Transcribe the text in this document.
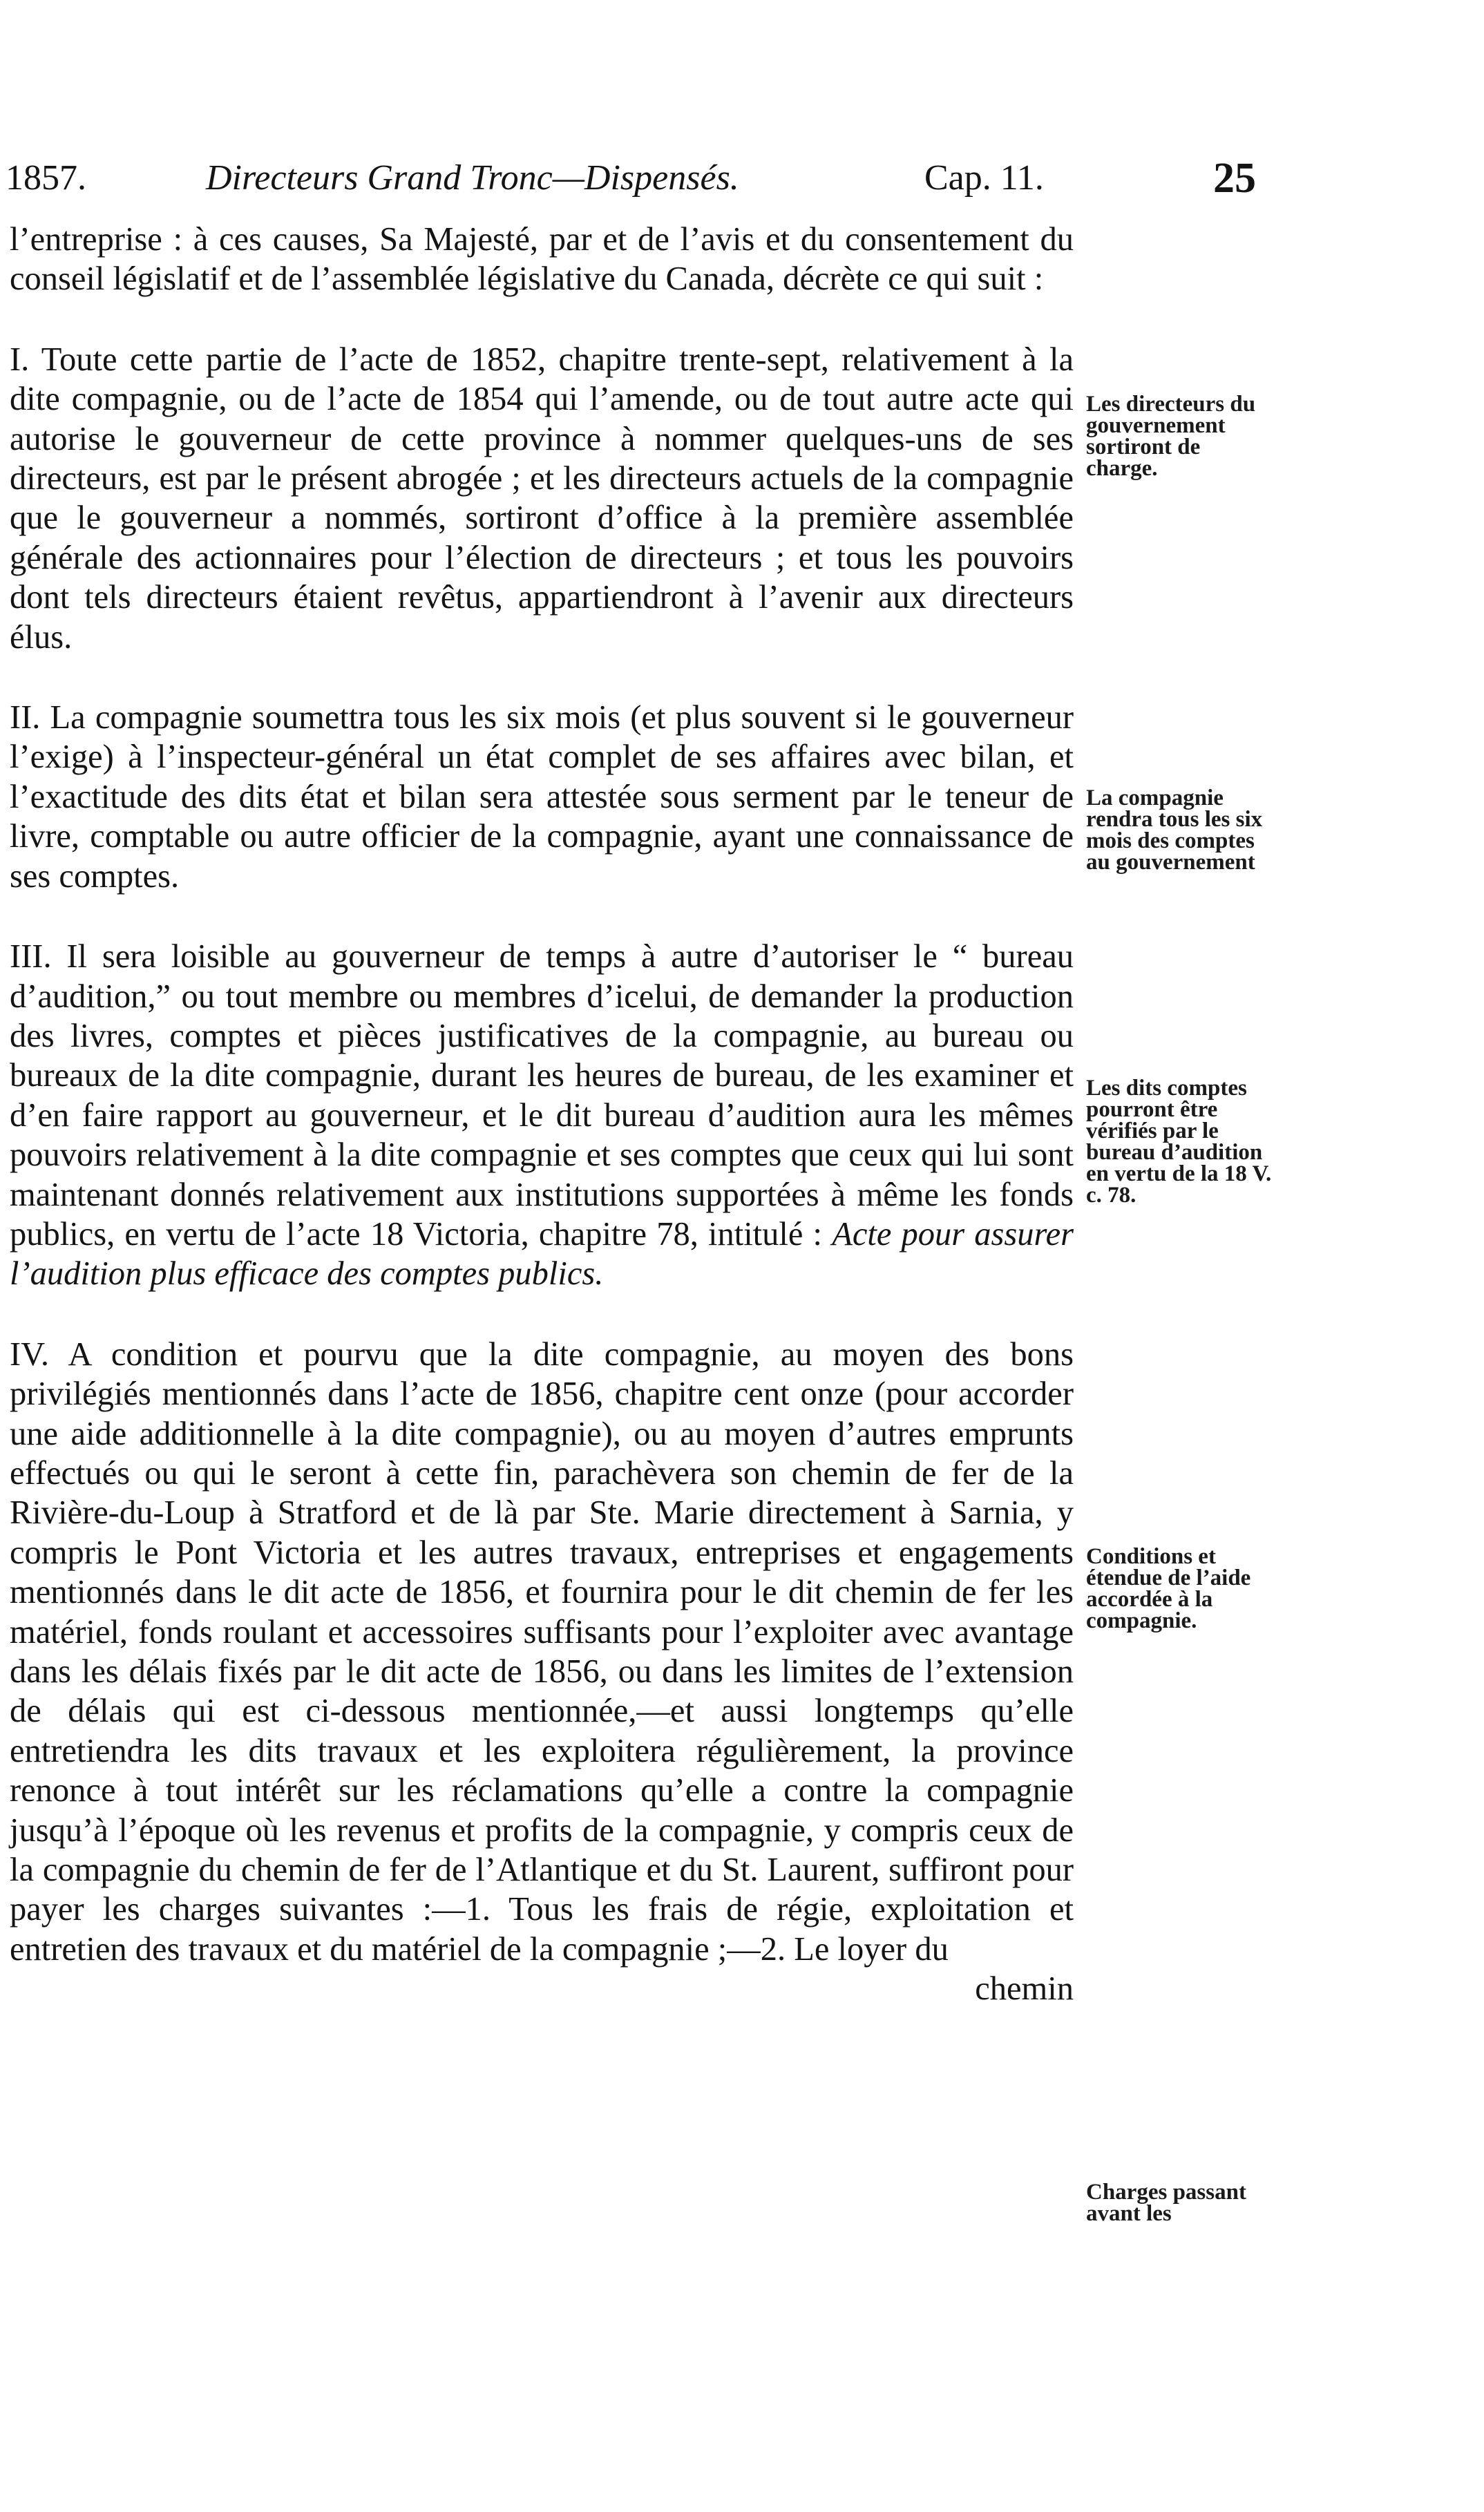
1857.	Directeurs Grand Tronc—Dispensés.	Cap. 11.	25

l’entreprise : à ces causes, Sa Majesté, par et de l’avis et du consentement du conseil législatif et de l’assemblée législative du Canada, décrète ce qui suit :

I. Toute cette partie de l’acte de 1852, chapitre trente-sept, relativement à la dite compagnie, ou de l’acte de 1854 qui l’amende, ou de tout autre acte qui autorise le gouverneur de cette province à nommer quelques-uns de ses directeurs, est par le présent abrogée ; et les directeurs actuels de la compagnie que le gouverneur a nommés, sortiront d’office à la première assemblée générale des actionnaires pour l’élection de directeurs ; et tous les pouvoirs dont tels directeurs étaient revêtus, appartiendront à l’avenir aux directeurs élus.

II. La compagnie soumettra tous les six mois (et plus souvent si le gouverneur l’exige) à l’inspecteur-général un état complet de ses affaires avec bilan, et l’exactitude des dits état et bilan sera attestée sous serment par le teneur de livre, comptable ou autre officier de la compagnie, ayant une connaissance de ses comptes.

III. Il sera loisible au gouverneur de temps à autre d’autoriser le “ bureau d’audition,” ou tout membre ou membres d’icelui, de demander la production des livres, comptes et pièces justificatives de la compagnie, au bureau ou bureaux de la dite compagnie, durant les heures de bureau, de les examiner et d’en faire rapport au gouverneur, et le dit bureau d’audition aura les mêmes pouvoirs relativement à la dite compagnie et ses comptes que ceux qui lui sont maintenant donnés relativement aux institutions supportées à même les fonds publics, en vertu de l’acte 18 Victoria, chapitre 78, intitulé : Acte pour assurer l’audition plus efficace des comptes publics.

IV. A condition et pourvu que la dite compagnie, au moyen des bons privilégiés mentionnés dans l’acte de 1856, chapitre cent onze (pour accorder une aide additionnelle à la dite compagnie), ou au moyen d’autres emprunts effectués ou qui le seront à cette fin, parachèvera son chemin de fer de la Rivière-du-Loup à Stratford et de là par Ste. Marie directement à Sarnia, y compris le Pont Victoria et les autres travaux, entreprises et engagements mentionnés dans le dit acte de 1856, et fournira pour le dit chemin de fer les matériel, fonds roulant et accessoires suffisants pour l’exploiter avec avantage dans les délais fixés par le dit acte de 1856, ou dans les limites de l’extension de délais qui est ci-dessous mentionnée,—et aussi longtemps qu’elle entretiendra les dits travaux et les exploitera régulièrement, la province renonce à tout intérêt sur les réclamations qu’elle a contre la compagnie jusqu’à l’époque où les revenus et profits de la compagnie, y compris ceux de la compagnie du chemin de fer de l’Atlantique et du St. Laurent, suffiront pour payer les charges suivantes :—1. Tous les frais de régie, exploitation et entretien des travaux et du matériel de la compagnie ;—2. Le loyer du

chemin

Les directeurs du gouvernement sortiront de charge.
La compagnie rendra tous les six mois des comptes au gouvernement
Les dits comptes pourront être vérifiés par le bureau d’audition en vertu de la 18 V. c. 78.
Conditions et étendue de l’aide accordée à la compagnie.
Charges passant avant les
